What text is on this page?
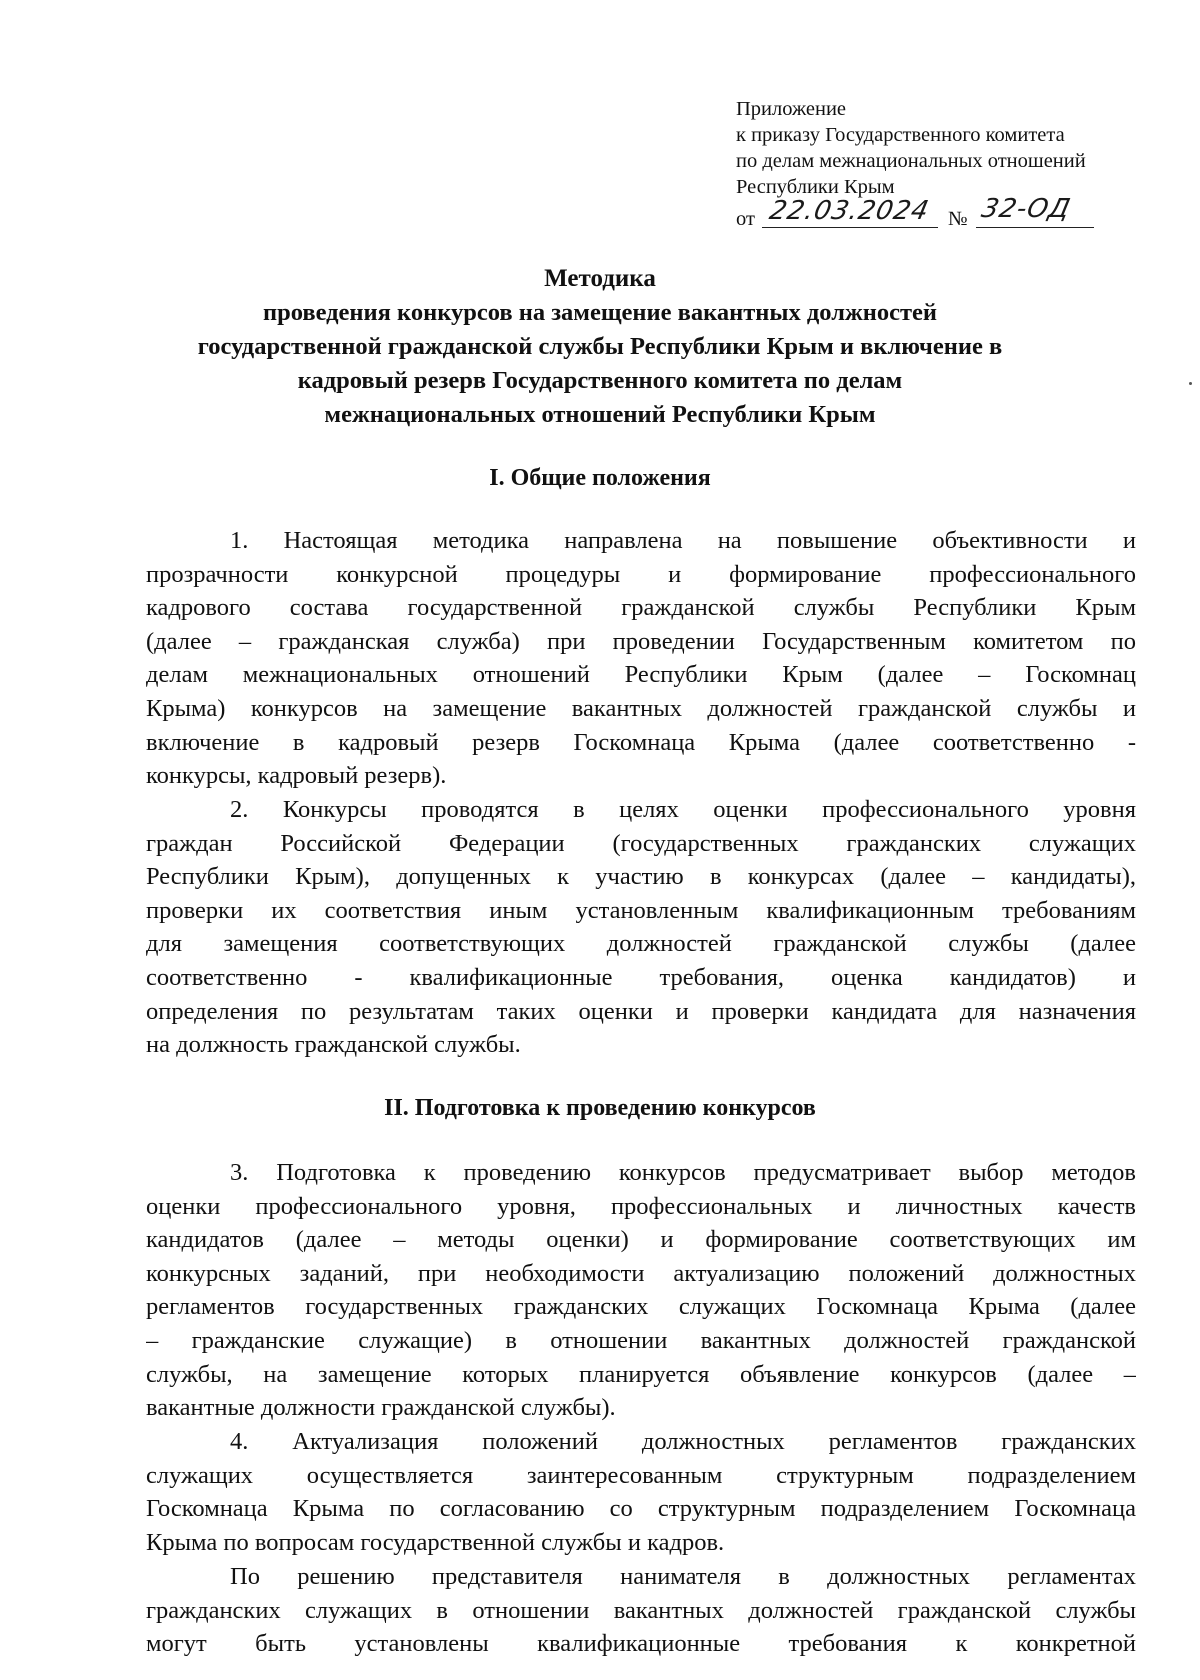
Приложение
к приказу Государственного комитета
по делам межнациональных отношений
Республики Крым
от 22.03.2024 № 32-ОД
Методика
проведения конкурсов на замещение вакантных должностей
государственной гражданской службы Республики Крым и включение в
кадровый резерв Государственного комитета по делам
межнациональных отношений Республики Крым
I. Общие положения
1. Настоящая методика направлена на повышение объективности и
прозрачности конкурсной процедуры и формирование профессионального
кадрового состава государственной гражданской службы Республики Крым
(далее – гражданская служба) при проведении Государственным комитетом по
делам межнациональных отношений Республики Крым (далее – Госкомнац
Крыма) конкурсов на замещение вакантных должностей гражданской службы и
включение в кадровый резерв Госкомнаца Крыма (далее соответственно -
конкурсы, кадровый резерв).
2. Конкурсы проводятся в целях оценки профессионального уровня
граждан Российской Федерации (государственных гражданских служащих
Республики Крым), допущенных к участию в конкурсах (далее – кандидаты),
проверки их соответствия иным установленным квалификационным требованиям
для замещения соответствующих должностей гражданской службы (далее
соответственно - квалификационные требования, оценка кандидатов) и
определения по результатам таких оценки и проверки кандидата для назначения
на должность гражданской службы.
II. Подготовка к проведению конкурсов
3. Подготовка к проведению конкурсов предусматривает выбор методов
оценки профессионального уровня, профессиональных и личностных качеств
кандидатов (далее – методы оценки) и формирование соответствующих им
конкурсных заданий, при необходимости актуализацию положений должностных
регламентов государственных гражданских служащих Госкомнаца Крыма (далее
– гражданские служащие) в отношении вакантных должностей гражданской
службы, на замещение которых планируется объявление конкурсов (далее –
вакантные должности гражданской службы).
4. Актуализация положений должностных регламентов гражданских
служащих осуществляется заинтересованным структурным подразделением
Госкомнаца Крыма по согласованию со структурным подразделением Госкомнаца
Крыма по вопросам государственной службы и кадров.
По решению представителя нанимателя в должностных регламентах
гражданских служащих в отношении вакантных должностей гражданской службы
могут быть установлены квалификационные требования к конкретной
